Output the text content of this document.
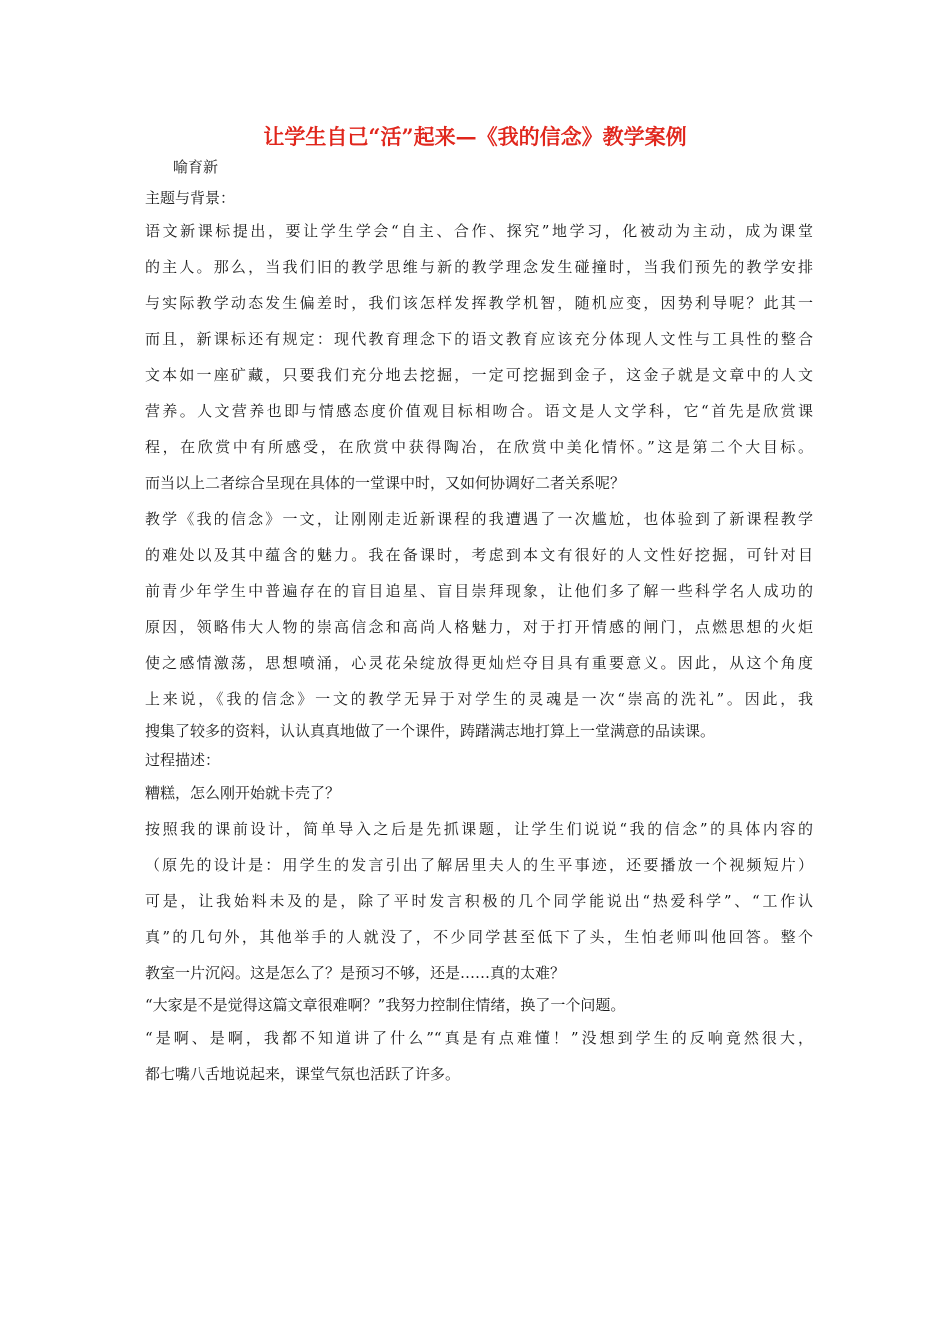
让学生自己“活”起来—《我的信念》教学案例
喻育新
主题与背景：
语文新课标提出，要让学生学会“自主、合作、探究”地学习，化被动为主动，成为课堂
的主人。那么，当我们旧的教学思维与新的教学理念发生碰撞时，当我们预先的教学安排
与实际教学动态发生偏差时，我们该怎样发挥教学机智，随机应变，因势利导呢？此其一
而且，新课标还有规定：现代教育理念下的语文教育应该充分体现人文性与工具性的整合
文本如一座矿藏，只要我们充分地去挖掘，一定可挖掘到金子，这金子就是文章中的人文
营养。人文营养也即与情感态度价值观目标相吻合。语文是人文学科，它“首先是欣赏课
程，在欣赏中有所感受，在欣赏中获得陶冶，在欣赏中美化情怀。”这是第二个大目标。
而当以上二者综合呈现在具体的一堂课中时，又如何协调好二者关系呢？
教学《我的信念》一文，让刚刚走近新课程的我遭遇了一次尴尬，也体验到了新课程教学
的难处以及其中蕴含的魅力。我在备课时，考虑到本文有很好的人文性好挖掘，可针对目
前青少年学生中普遍存在的盲目追星、盲目崇拜现象，让他们多了解一些科学名人成功的
原因，领略伟大人物的崇高信念和高尚人格魅力，对于打开情感的闸门，点燃思想的火炬
使之感情激荡，思想喷涌，心灵花朵绽放得更灿烂夺目具有重要意义。因此，从这个角度
上来说，《我的信念》一文的教学无异于对学生的灵魂是一次“崇高的洗礼”。因此，我
搜集了较多的资料，认认真真地做了一个课件，踌躇满志地打算上一堂满意的品读课。
过程描述：
糟糕，怎么刚开始就卡壳了？
按照我的课前设计，简单导入之后是先抓课题，让学生们说说“我的信念”的具体内容的
（原先的设计是：用学生的发言引出了解居里夫人的生平事迹，还要播放一个视频短片）
可是，让我始料未及的是，除了平时发言积极的几个同学能说出“热爱科学”、“工作认
真”的几句外，其他举手的人就没了，不少同学甚至低下了头，生怕老师叫他回答。整个
教室一片沉闷。这是怎么了？是预习不够，还是……真的太难？
“大家是不是觉得这篇文章很难啊？”我努力控制住情绪，换了一个问题。
“是啊、是啊，我都不知道讲了什么”“真是有点难懂！”没想到学生的反响竟然很大，
都七嘴八舌地说起来，课堂气氛也活跃了许多。
